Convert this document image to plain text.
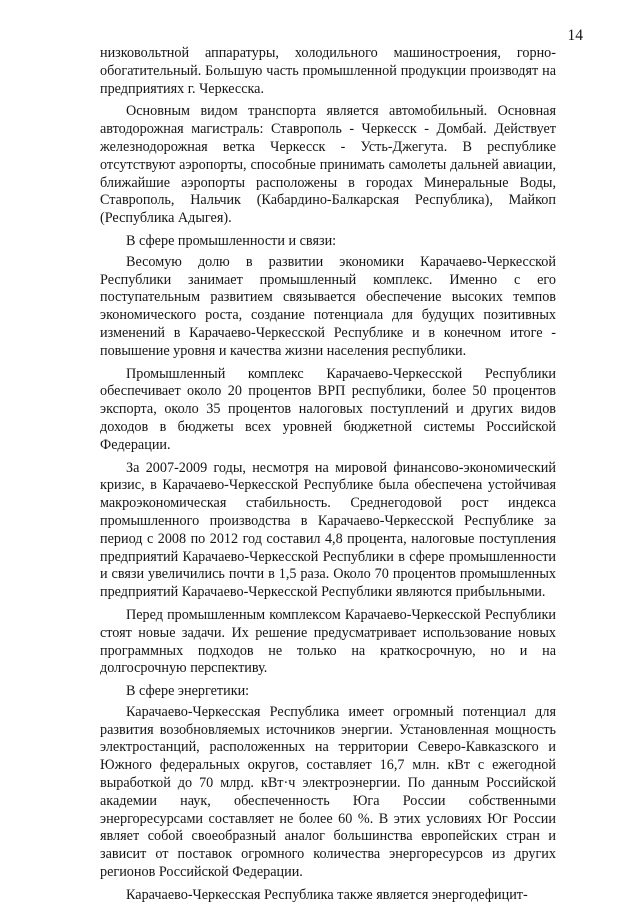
14

низковольтной аппаратуры, холодильного машиностроения, горно-обогатительный. Большую часть промышленной продукции производят на предприятиях г. Черкесска.

Основным видом транспорта является автомобильный. Основная автодорожная магистраль: Ставрополь - Черкесск - Домбай. Действует железнодорожная ветка Черкесск - Усть-Джегута. В республике отсутствуют аэропорты, способные принимать самолеты дальней авиации, ближайшие аэропорты расположены в городах Минеральные Воды, Ставрополь, Нальчик (Кабардино-Балкарская Республика), Майкоп (Республика Адыгея).

В сфере промышленности и связи:

Весомую долю в развитии экономики Карачаево-Черкесской Республики занимает промышленный комплекс. Именно с его поступательным развитием связывается обеспечение высоких темпов экономического роста, создание потенциала для будущих позитивных изменений в Карачаево-Черкесской Республике и в конечном итоге - повышение уровня и качества жизни населения республики.

Промышленный комплекс Карачаево-Черкесской Республики обеспечивает около 20 процентов ВРП республики, более 50 процентов экспорта, около 35 процентов налоговых поступлений и других видов доходов в бюджеты всех уровней бюджетной системы Российской Федерации.

За 2007-2009 годы, несмотря на мировой финансово-экономический кризис, в Карачаево-Черкесской Республике была обеспечена устойчивая макроэкономическая стабильность. Среднегодовой рост индекса промышленного производства в Карачаево-Черкесской Республике за период с 2008 по 2012 год составил 4,8 процента, налоговые поступления предприятий Карачаево-Черкесской Республики в сфере промышленности и связи увеличились почти в 1,5 раза. Около 70 процентов промышленных предприятий Карачаево-Черкесской Республики являются прибыльными.

Перед промышленным комплексом Карачаево-Черкесской Республики стоят новые задачи. Их решение предусматривает использование новых программных подходов не только на краткосрочную, но и на долгосрочную перспективу.

В сфере энергетики:

Карачаево-Черкесская Республика имеет огромный потенциал для развития возобновляемых источников энергии. Установленная мощность электростанций, расположенных на территории Северо-Кавказского и Южного федеральных округов, составляет 16,7 млн. кВт с ежегодной выработкой до 70 млрд. кВт·ч электроэнергии. По данным Российской академии наук, обеспеченность Юга России собственными энергоресурсами составляет не более 60 %. В этих условиях Юг России являет собой своеобразный аналог большинства европейских стран и зависит от поставок огромного количества энергоресурсов из других регионов Российской Федерации.

Карачаево-Черкесская Республика также является энергодефицит-
